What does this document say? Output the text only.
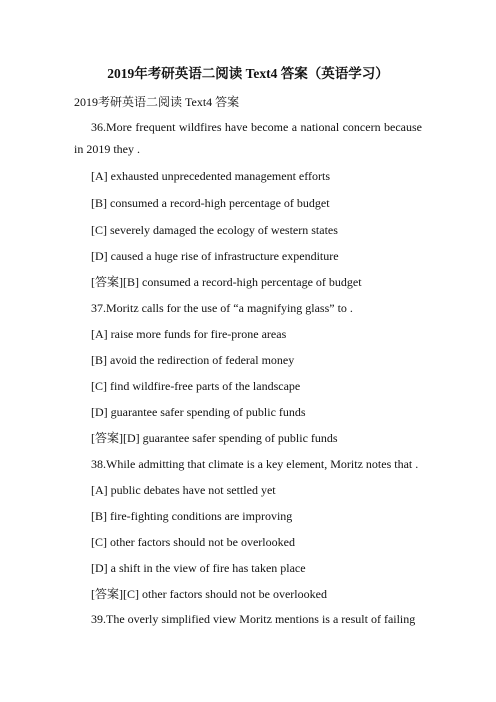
2019年考研英语二阅读 Text4 答案（英语学习）
2019考研英语二阅读 Text4 答案
36.More frequent wildfires have become a national concern because in 2019 they .
[A] exhausted unprecedented management efforts
[B] consumed a record-high percentage of budget
[C] severely damaged the ecology of western states
[D] caused a huge rise of infrastructure expenditure
[答案][B] consumed a record-high percentage of budget
37.Moritz calls for the use of “a magnifying glass” to .
[A] raise more funds for fire-prone areas
[B] avoid the redirection of federal money
[C] find wildfire-free parts of the landscape
[D] guarantee safer spending of public funds
[答案][D] guarantee safer spending of public funds
38.While admitting that climate is a key element, Moritz notes that .
[A] public debates have not settled yet
[B] fire-fighting conditions are improving
[C] other factors should not be overlooked
[D] a shift in the view of fire has taken place
[答案][C] other factors should not be overlooked
39.The overly simplified view Moritz mentions is a result of failing
